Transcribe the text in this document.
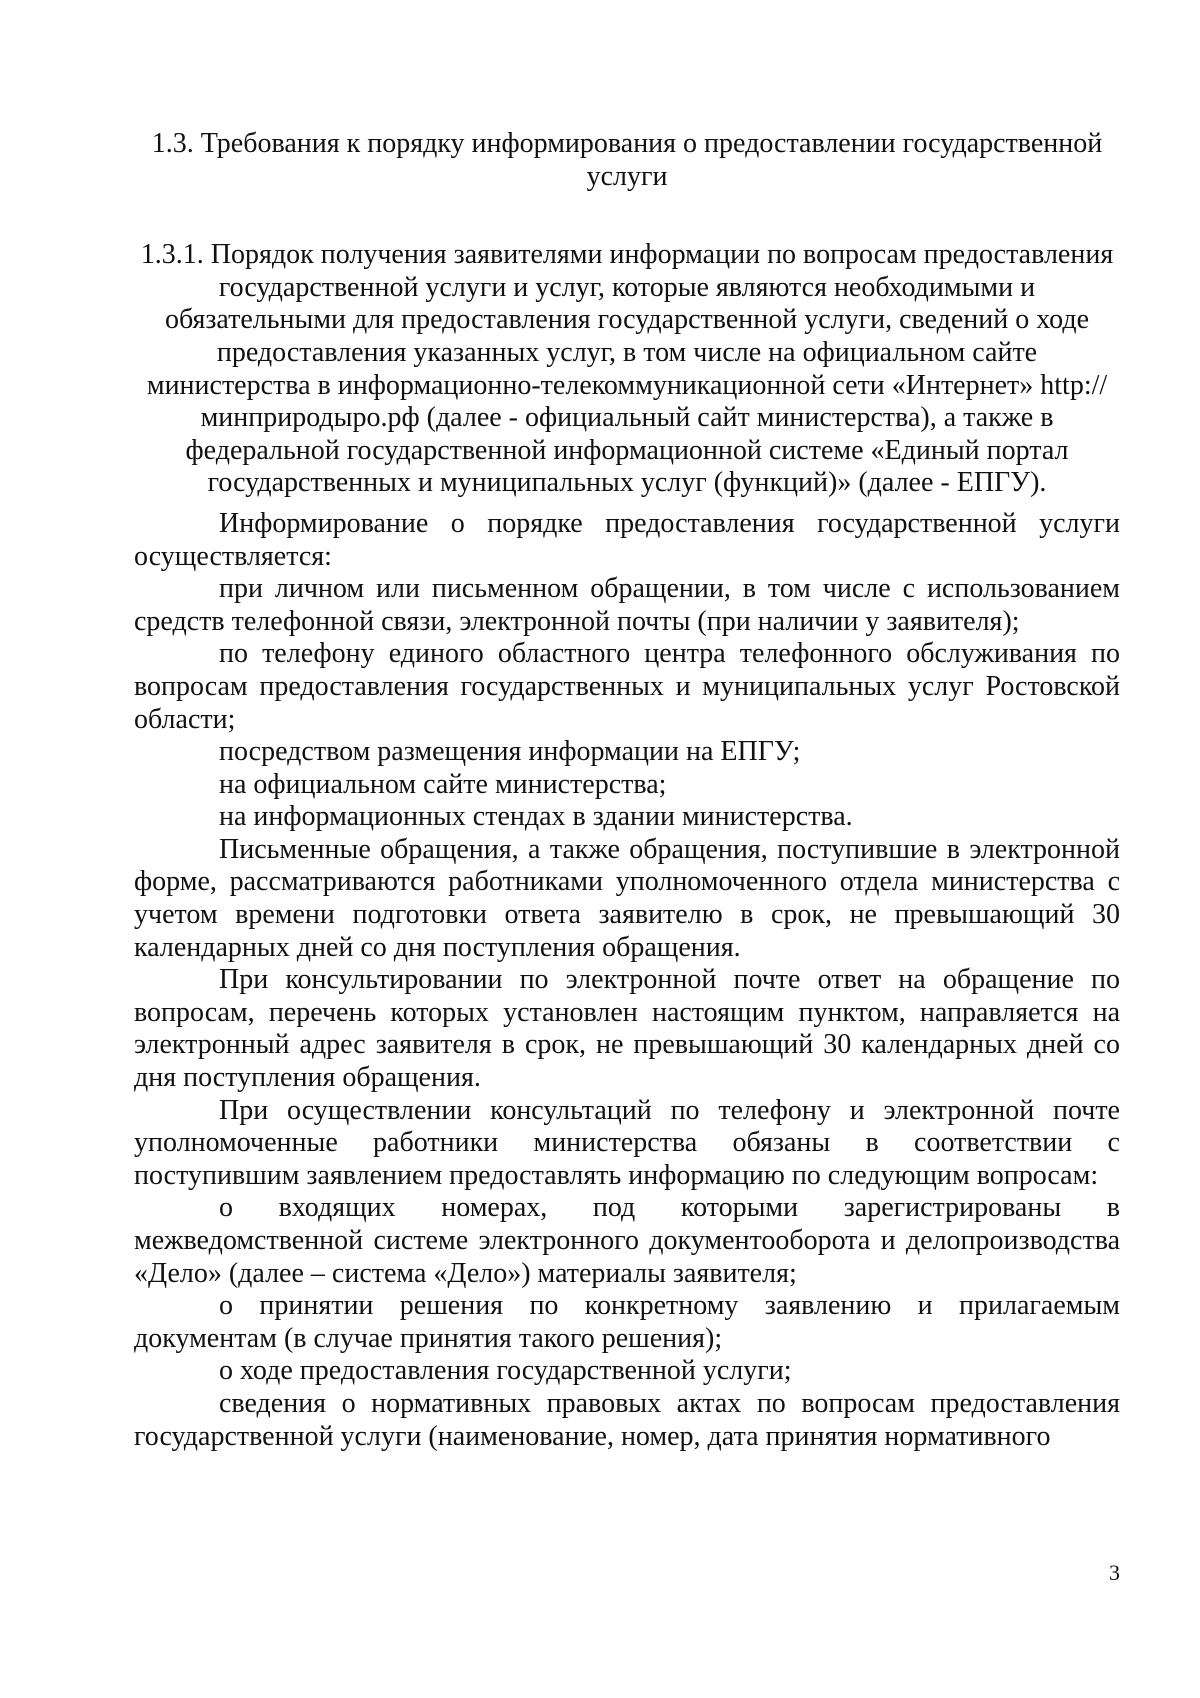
1.3. Требования к порядку информирования о предоставлении государственной услуги

1.3.1. Порядок получения заявителями информации по вопросам предоставления государственной услуги и услуг, которые являются необходимыми и обязательными для предоставления государственной услуги, сведений о ходе предоставления указанных услуг, в том числе на официальном сайте министерства в информационно-телекоммуникационной сети «Интернет» http://минприродыро.рф (далее - официальный сайт министерства), а также в федеральной государственной информационной системе «Единый портал государственных и муниципальных услуг (функций)» (далее - ЕПГУ).

Информирование о порядке предоставления государственной услуги осуществляется:

при личном или письменном обращении, в том числе с использованием средств телефонной связи, электронной почты (при наличии у заявителя);

по телефону единого областного центра телефонного обслуживания по вопросам предоставления государственных и муниципальных услуг Ростовской области;

посредством размещения информации на ЕПГУ;

на официальном сайте министерства;

на информационных стендах в здании министерства.

Письменные обращения, а также обращения, поступившие в электронной форме, рассматриваются работниками уполномоченного отдела министерства с учетом времени подготовки ответа заявителю в срок, не превышающий 30 календарных дней со дня поступления обращения.

При консультировании по электронной почте ответ на обращение по вопросам, перечень которых установлен настоящим пунктом, направляется на электронный адрес заявителя в срок, не превышающий 30 календарных дней со дня поступления обращения.

При осуществлении консультаций по телефону и электронной почте уполномоченные работники министерства обязаны в соответствии с поступившим заявлением предоставлять информацию по следующим вопросам:

о входящих номерах, под которыми зарегистрированы в межведомственной системе электронного документооборота и делопроизводства «Дело» (далее – система «Дело») материалы заявителя;

о принятии решения по конкретному заявлению и прилагаемым документам (в случае принятия такого решения);

о ходе предоставления государственной услуги;

сведения о нормативных правовых актах по вопросам предоставления государственной услуги (наименование, номер, дата принятия нормативного

3
